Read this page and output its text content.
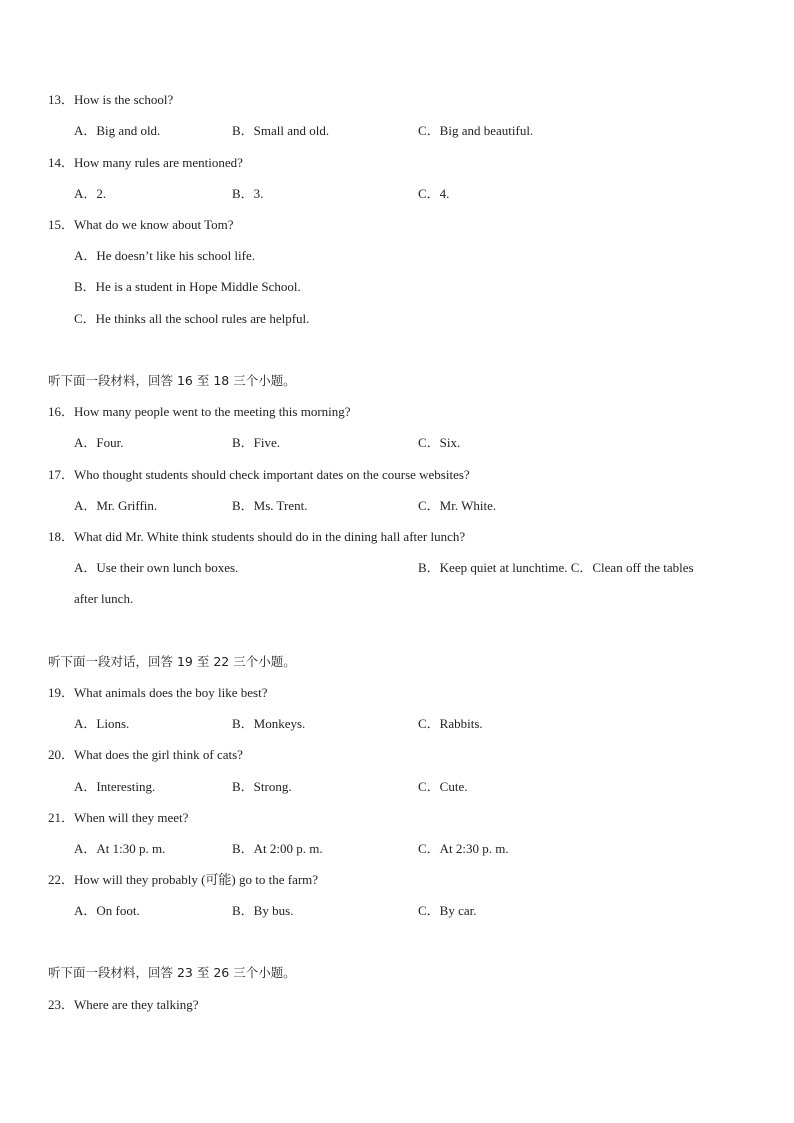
13．How is the school?
A．Big and old.	B．Small and old.	C．Big and beautiful.
14．How many rules are mentioned?
A．2.	B．3.	C．4.
15．What do we know about Tom?
A．He doesn’t like his school life.
B．He is a student in Hope Middle School.
C．He thinks all the school rules are helpful.
听下面一段材料，回答 16 至 18 三个小题。
16．How many people went to the meeting this morning?
A．Four.	B．Five.	C．Six.
17．Who thought students should check important dates on the course websites?
A．Mr. Griffin.	B．Ms. Trent.	C．Mr. White.
18．What did Mr. White think students should do in the dining hall after lunch?
A．Use their own lunch boxes.	B．Keep quiet at lunchtime. C．Clean off the tables
after lunch.
听下面一段对话，回答 19 至 22 三个小题。
19．What animals does the boy like best?
A．Lions.	B．Monkeys.	C．Rabbits.
20．What does the girl think of cats?
A．Interesting.	B．Strong.	C．Cute.
21．When will they meet?
A．At 1:30 p. m.	B．At 2:00 p. m.	C．At 2:30 p. m.
22．How will they probably (可能) go to the farm?
A．On foot.	B．By bus.	C．By car.
听下面一段材料，回答 23 至 26 三个小题。
23．Where are they talking?
